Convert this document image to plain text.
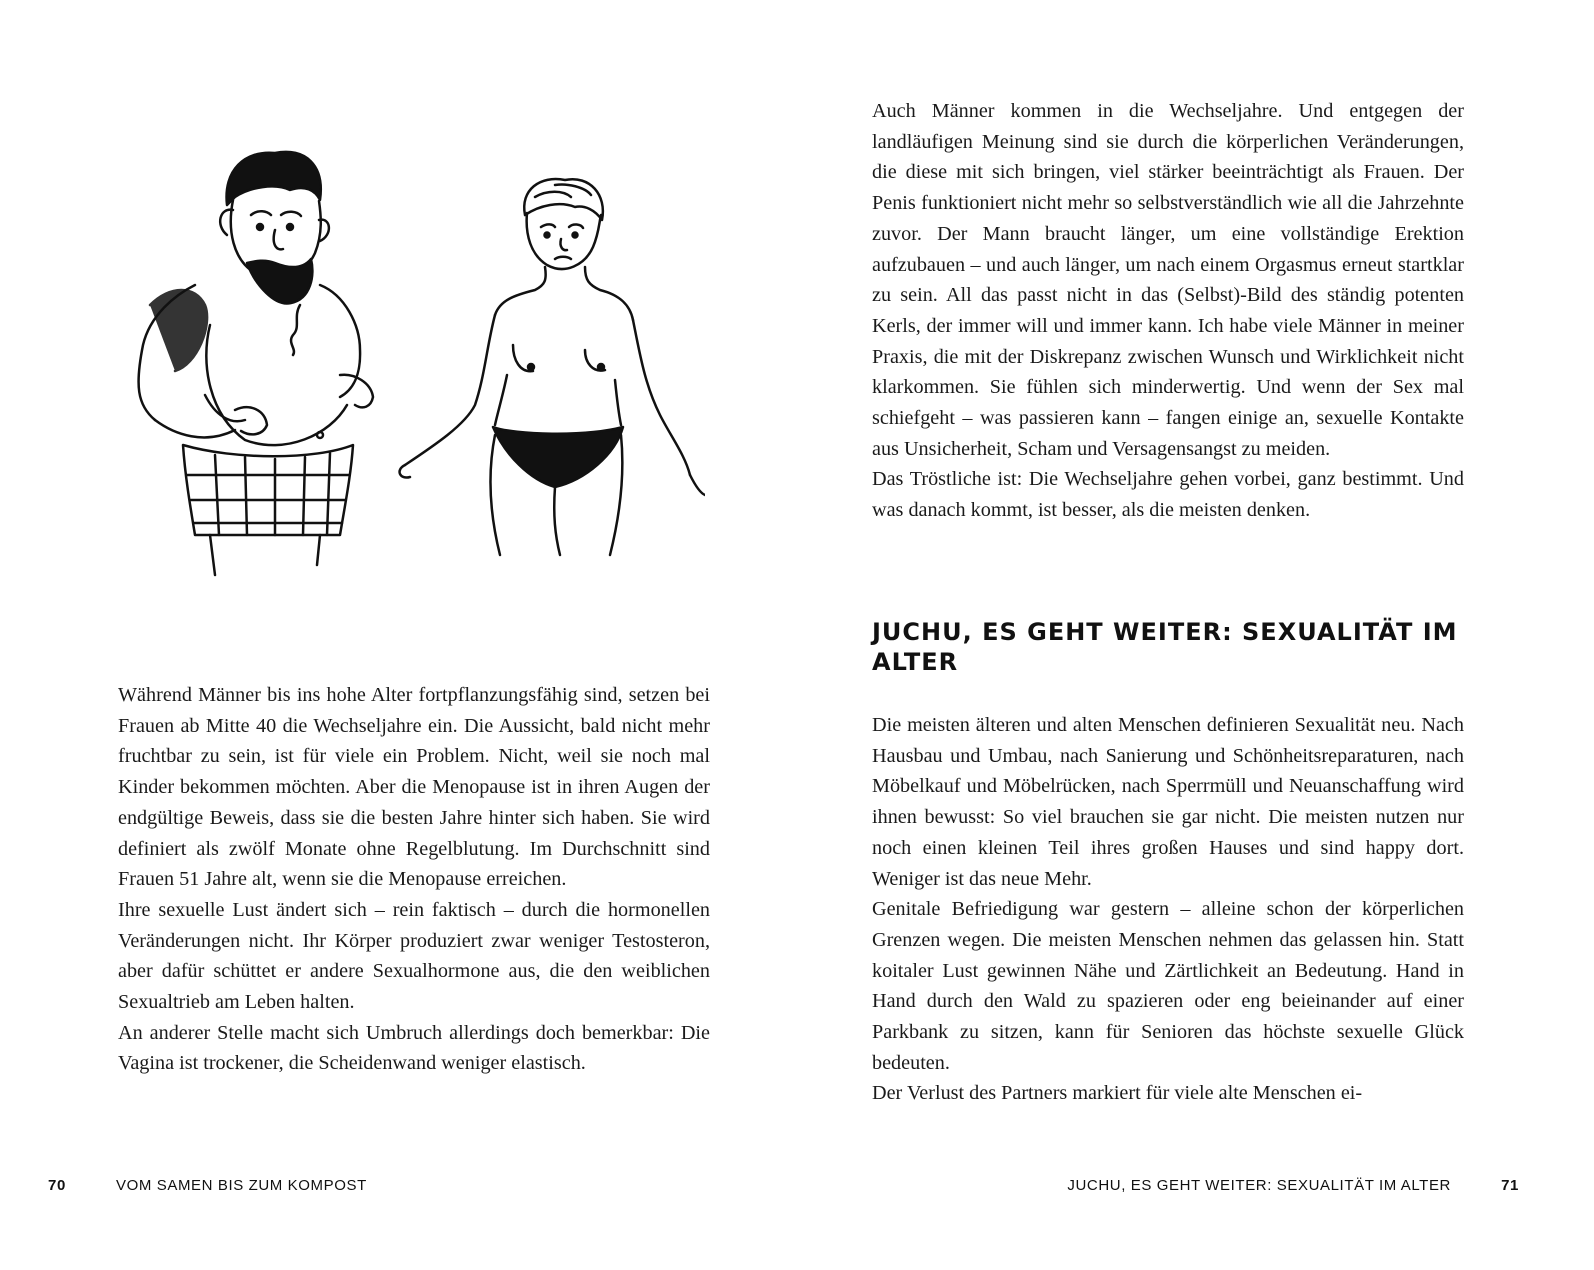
Während Männer bis ins hohe Alter fortpflanzungsfähig sind, setzen bei Frauen ab Mitte 40 die Wechseljahre ein. Die Aussicht, bald nicht mehr fruchtbar zu sein, ist für viele ein Problem. Nicht, weil sie noch mal Kinder bekommen möchten. Aber die Menopause ist in ihren Augen der endgültige Beweis, dass sie die besten Jahre hinter sich haben. Sie wird definiert als zwölf Monate ohne Regelblutung. Im Durchschnitt sind Frauen 51 Jahre alt, wenn sie die Menopause erreichen.

Ihre sexuelle Lust ändert sich – rein faktisch – durch die hormonellen Veränderungen nicht. Ihr Körper produziert zwar weniger Testosteron, aber dafür schüttet er andere Sexualhormone aus, die den weiblichen Sexualtrieb am Leben halten.

An anderer Stelle macht sich Umbruch allerdings doch bemerkbar: Die Vagina ist trockener, die Scheidenwand weniger elastisch.

70	VOM SAMEN BIS ZUM KOMPOST

Auch Männer kommen in die Wechseljahre. Und entgegen der landläufigen Meinung sind sie durch die körperlichen Veränderungen, die diese mit sich bringen, viel stärker beeinträchtigt als Frauen. Der Penis funktioniert nicht mehr so selbstverständlich wie all die Jahrzehnte zuvor. Der Mann braucht länger, um eine vollständige Erektion aufzubauen – und auch länger, um nach einem Orgasmus erneut startklar zu sein. All das passt nicht in das (Selbst)-Bild des ständig potenten Kerls, der immer will und immer kann. Ich habe viele Männer in meiner Praxis, die mit der Diskrepanz zwischen Wunsch und Wirklichkeit nicht klarkommen. Sie fühlen sich minderwertig. Und wenn der Sex mal schiefgeht – was passieren kann – fangen einige an, sexuelle Kontakte aus Unsicherheit, Scham und Versagensangst zu meiden.

Das Tröstliche ist: Die Wechseljahre gehen vorbei, ganz bestimmt. Und was danach kommt, ist besser, als die meisten denken.

JUCHU, ES GEHT WEITER: SEXUALITÄT IM ALTER

Die meisten älteren und alten Menschen definieren Sexualität neu. Nach Hausbau und Umbau, nach Sanierung und Schönheitsreparaturen, nach Möbelkauf und Möbelrücken, nach Sperrmüll und Neuanschaffung wird ihnen bewusst: So viel brauchen sie gar nicht. Die meisten nutzen nur noch einen kleinen Teil ihres großen Hauses und sind happy dort. Weniger ist das neue Mehr.

Genitale Befriedigung war gestern – alleine schon der körperlichen Grenzen wegen. Die meisten Menschen nehmen das gelassen hin. Statt koitaler Lust gewinnen Nähe und Zärtlichkeit an Bedeutung. Hand in Hand durch den Wald zu spazieren oder eng beieinander auf einer Parkbank zu sitzen, kann für Senioren das höchste sexuelle Glück bedeuten.

Der Verlust des Partners markiert für viele alte Menschen ei-

JUCHU, ES GEHT WEITER: SEXUALITÄT IM ALTER	71
